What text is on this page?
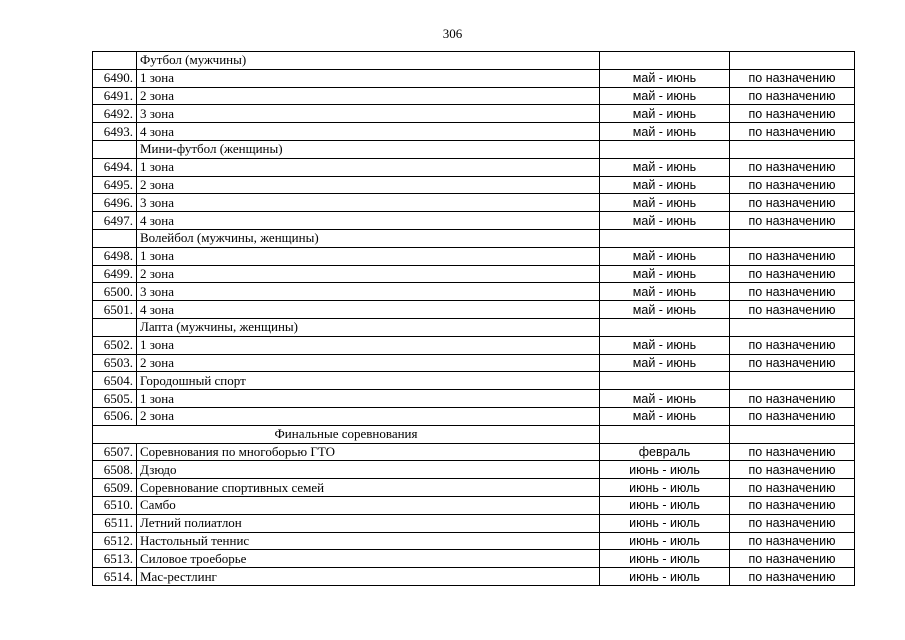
306
	Футбол (мужчины)		
6490.	1 зона	май - июнь	по назначению
6491.	2 зона	май - июнь	по назначению
6492.	3 зона	май - июнь	по назначению
6493.	4 зона	май - июнь	по назначению
	Мини-футбол (женщины)		
6494.	1 зона	май - июнь	по назначению
6495.	2 зона	май - июнь	по назначению
6496.	3 зона	май - июнь	по назначению
6497.	4 зона	май - июнь	по назначению
	Волейбол (мужчины, женщины)		
6498.	1 зона	май - июнь	по назначению
6499.	2 зона	май - июнь	по назначению
6500.	3 зона	май - июнь	по назначению
6501.	4 зона	май - июнь	по назначению
	Лапта (мужчины, женщины)		
6502.	1 зона	май - июнь	по назначению
6503.	2 зона	май - июнь	по назначению
6504.	Городошный спорт		
6505.	1 зона	май - июнь	по назначению
6506.	2 зона	май - июнь	по назначению
Финальные соревнования			
6507.	Соревнования по многоборью ГТО	февраль	по назначению
6508.	Дзюдо	июнь - июль	по назначению
6509.	Соревнование спортивных семей	июнь - июль	по назначению
6510.	Самбо	июнь - июль	по назначению
6511.	Летний полиатлон	июнь - июль	по назначению
6512.	Настольный теннис	июнь - июль	по назначению
6513.	Силовое троеборье	июнь - июль	по назначению
6514.	Мас-рестлинг	июнь - июль	по назначению
